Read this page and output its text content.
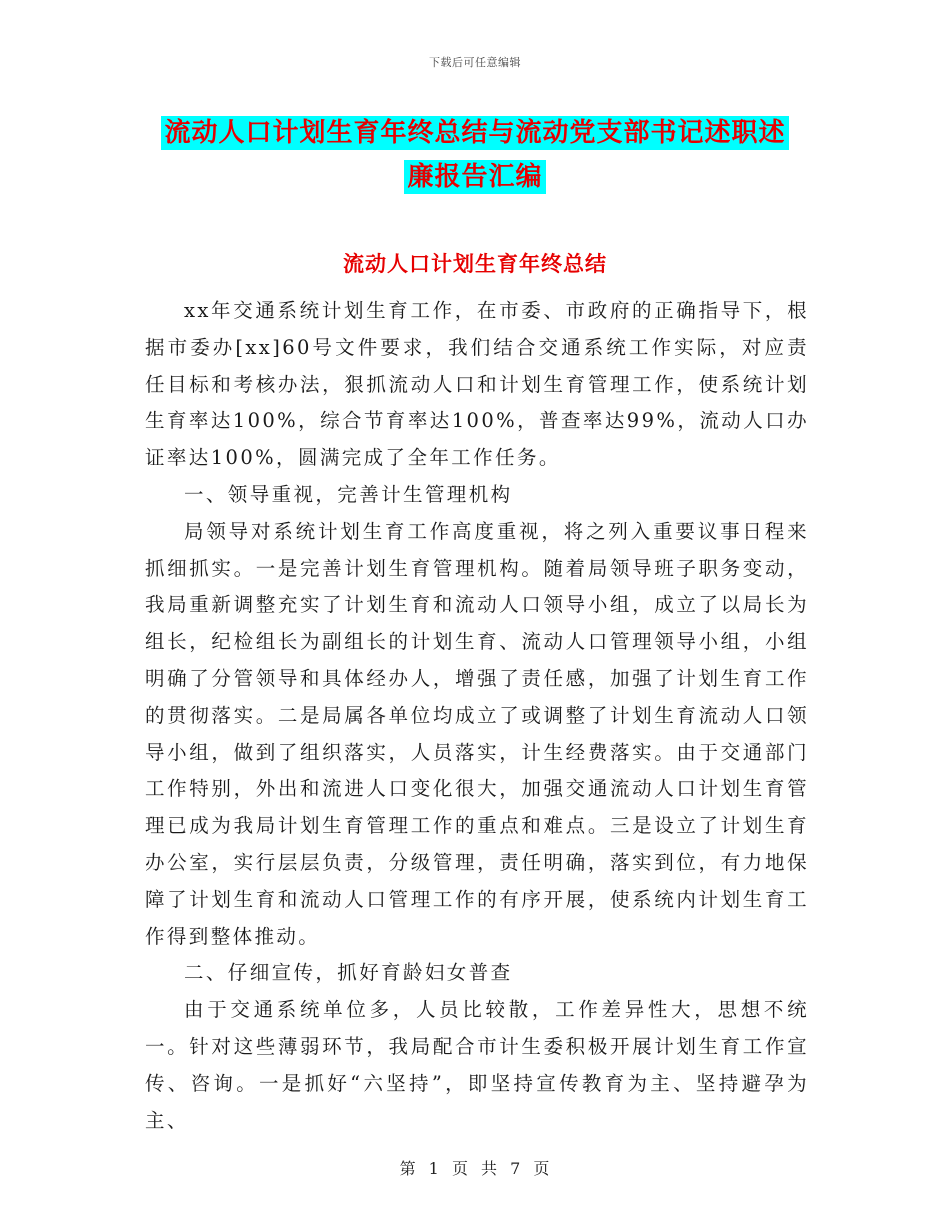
下载后可任意编辑
流动人口计划生育年终总结与流动党支部书记述职述
廉报告汇编
流动人口计划生育年终总结

xx年交通系统计划生育工作，在市委、市政府的正确指导下，根据市委办[xx]60号文件要求，我们结合交通系统工作实际，对应责任目标和考核办法，狠抓流动人口和计划生育管理工作，使系统计划生育率达100%，综合节育率达100%，普查率达99%，流动人口办证率达100%，圆满完成了全年工作任务。

一、领导重视，完善计生管理机构

局领导对系统计划生育工作高度重视，将之列入重要议事日程来抓细抓实。一是完善计划生育管理机构。随着局领导班子职务变动，我局重新调整充实了计划生育和流动人口领导小组，成立了以局长为组长，纪检组长为副组长的计划生育、流动人口管理领导小组，小组明确了分管领导和具体经办人，增强了责任感，加强了计划生育工作的贯彻落实。二是局属各单位均成立了或调整了计划生育流动人口领导小组，做到了组织落实，人员落实，计生经费落实。由于交通部门工作特别，外出和流进人口变化很大，加强交通流动人口计划生育管理已成为我局计划生育管理工作的重点和难点。三是设立了计划生育办公室，实行层层负责，分级管理，责任明确，落实到位，有力地保障了计划生育和流动人口管理工作的有序开展，使系统内计划生育工作得到整体推动。

二、仔细宣传，抓好育龄妇女普查

由于交通系统单位多，人员比较散，工作差异性大，思想不统一。针对这些薄弱环节，我局配合市计生委积极开展计划生育工作宣传、咨询。一是抓好“六坚持”，即坚持宣传教育为主、坚持避孕为主、

第 1 页 共 7 页
